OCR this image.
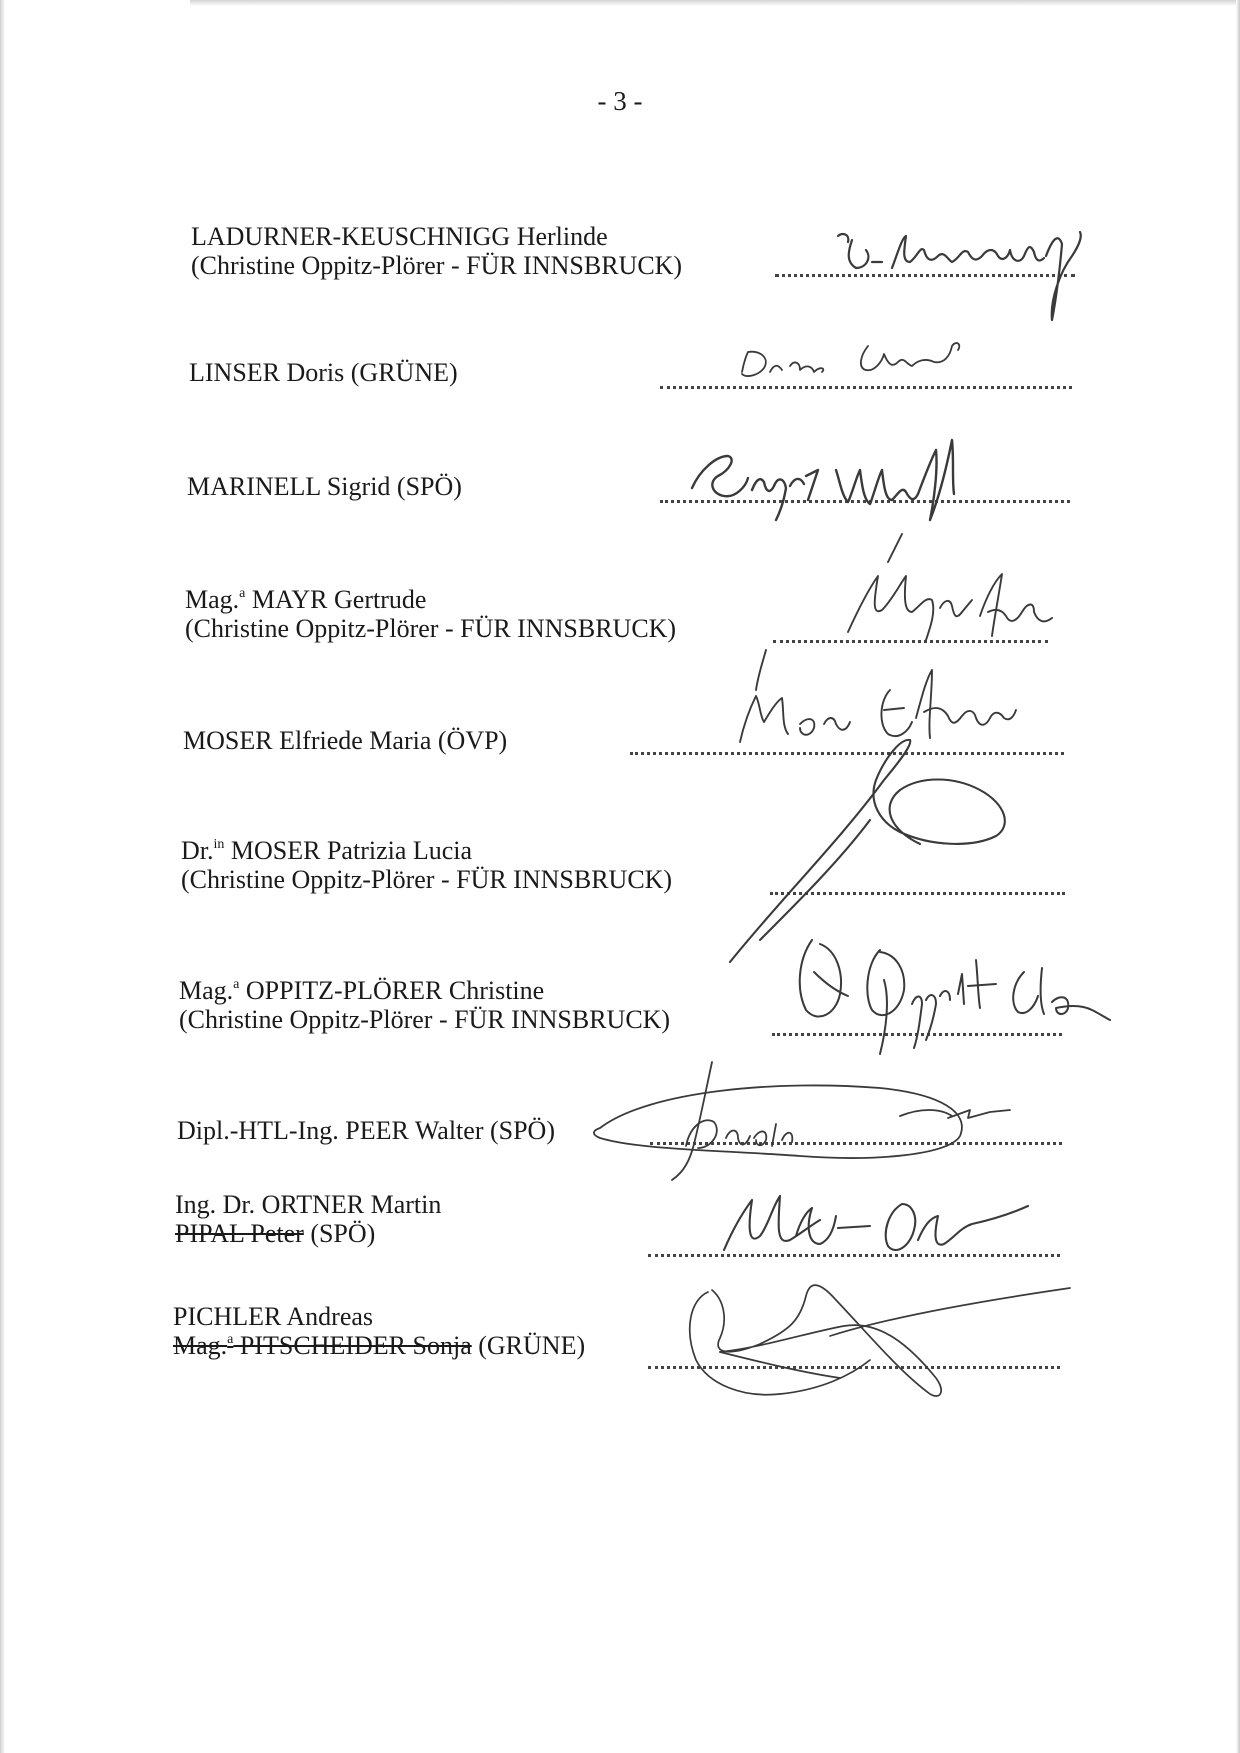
- 3 -
LADURNER-KEUSCHNIGG Herlinde
(Christine Oppitz-Plörer - FÜR INNSBRUCK)
LINSER Doris (GRÜNE)
MARINELL Sigrid (SPÖ)
Mag.$^a$ MAYR Gertrude
(Christine Oppitz-Plörer - FÜR INNSBRUCK)
MOSER Elfriede Maria (ÖVP)
Dr.$^{in}$ MOSER Patrizia Lucia
(Christine Oppitz-Plörer - FÜR INNSBRUCK)
Mag.$^a$ OPPITZ-PLÖRER Christine
(Christine Oppitz-Plörer - FÜR INNSBRUCK)
Dipl.-HTL-Ing. PEER Walter (SPÖ)
Ing. Dr. ORTNER Martin
PIPAL Peter (SPÖ)
PICHLER Andreas
Mag.$^a$ PITSCHEIDER Sonja (GRÜNE)
